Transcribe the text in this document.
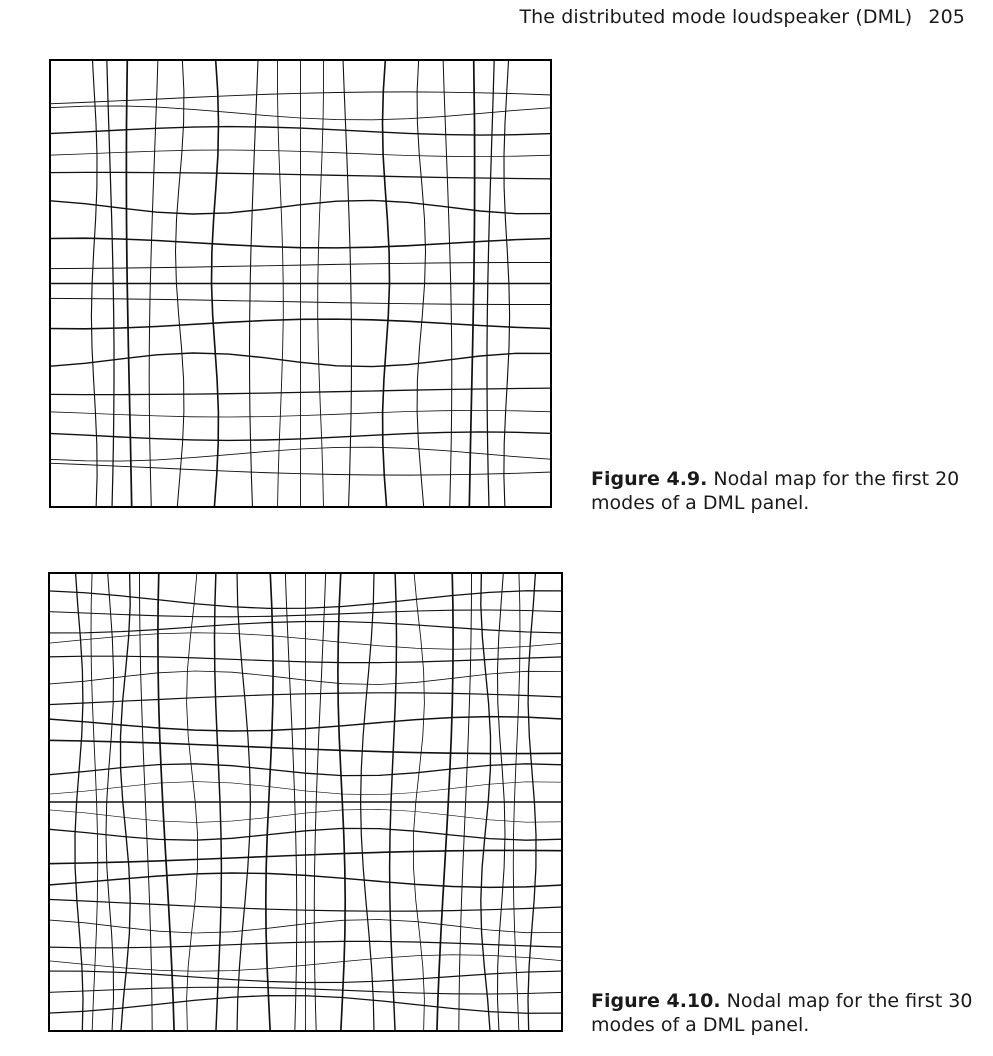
The distributed mode loudspeaker (DML) 205
Figure 4.9. Nodal map for the first 20 modes of a DML panel.
Figure 4.10. Nodal map for the first 30 modes of a DML panel.
